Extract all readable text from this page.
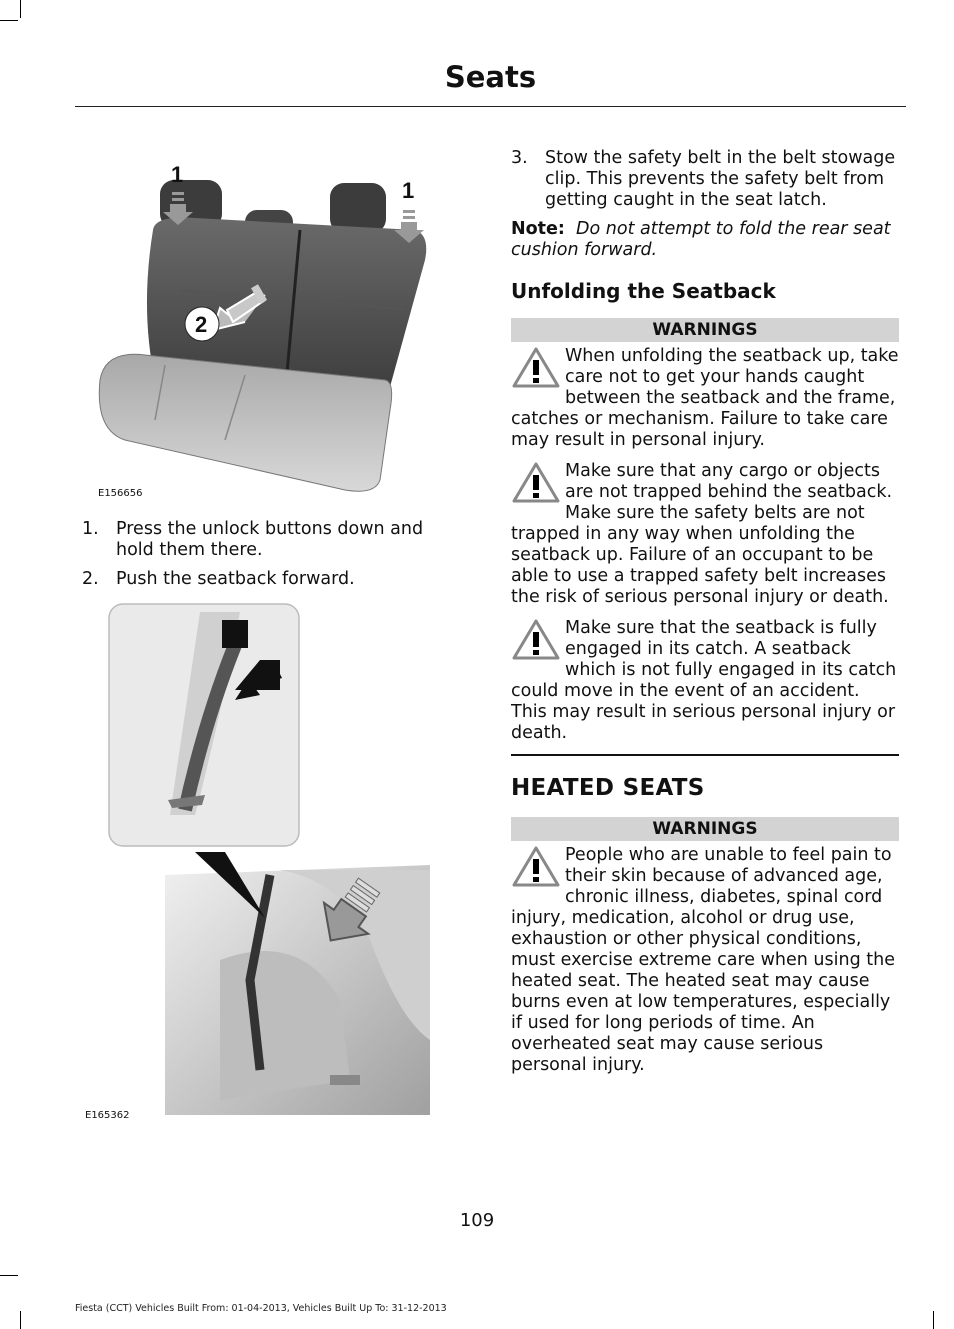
Seats
1
1
2
E156656
1. Press the unlock buttons down and hold them there.
2. Push the seatback forward.
E165362
3. Stow the safety belt in the belt stowage clip. This prevents the safety belt from getting caught in the seat latch.
Note: Do not attempt to fold the rear seat cushion forward.
Unfolding the Seatback
WARNINGS
When unfolding the seatback up, take care not to get your hands caught between the seatback and the frame, catches or mechanism. Failure to take care may result in personal injury.
Make sure that any cargo or objects are not trapped behind the seatback. Make sure the safety belts are not trapped in any way when unfolding the seatback up. Failure of an occupant to be able to use a trapped safety belt increases the risk of serious personal injury or death.
Make sure that the seatback is fully engaged in its catch. A seatback which is not fully engaged in its catch could move in the event of an accident. This may result in serious personal injury or death.
HEATED SEATS
WARNINGS
People who are unable to feel pain to their skin because of advanced age, chronic illness, diabetes, spinal cord injury, medication, alcohol or drug use, exhaustion or other physical conditions, must exercise extreme care when using the heated seat. The heated seat may cause burns even at low temperatures, especially if used for long periods of time. An overheated seat may cause serious personal injury.
109
Fiesta (CCT) Vehicles Built From: 01-04-2013, Vehicles Built Up To: 31-12-2013
